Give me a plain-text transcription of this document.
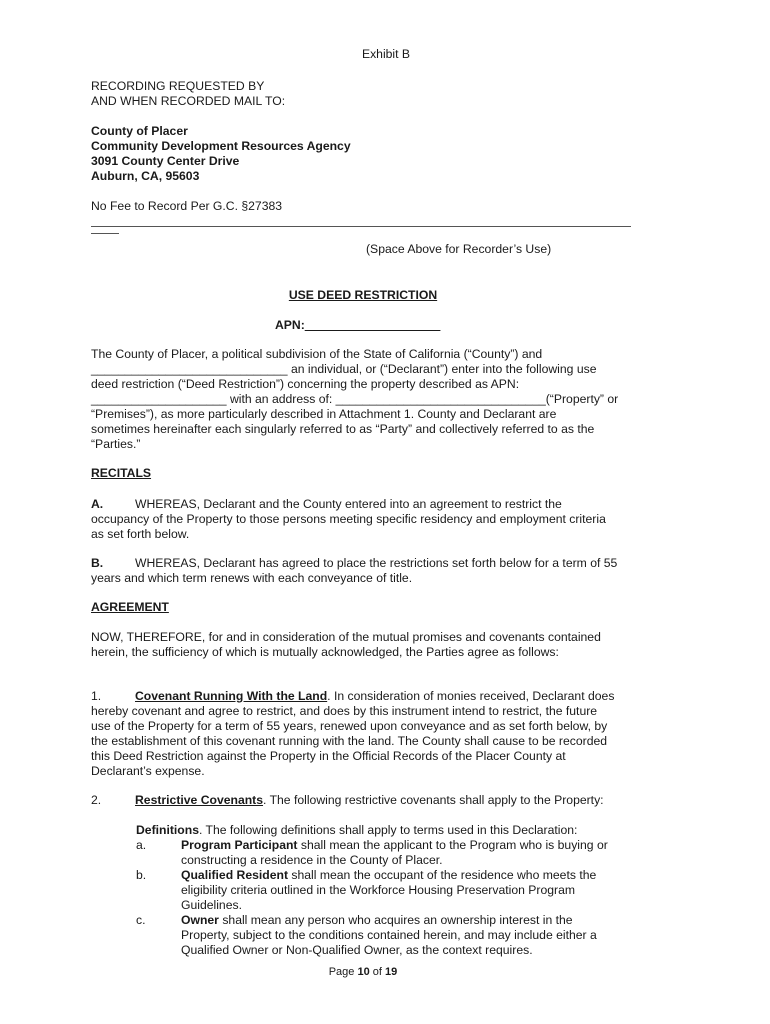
Exhibit B
RECORDING REQUESTED BY
AND WHEN RECORDED MAIL TO:
County of Placer
Community Development Resources Agency
3091 County Center Drive
Auburn, CA, 95603
No Fee to Record Per G.C. §27383
(Space Above for Recorder’s Use)
USE DEED RESTRICTION
APN:____________________
The County of Placer, a political subdivision of the State of California (“County”) and
_____________________________ an individual, or (“Declarant”) enter into the following use
deed restriction (“Deed Restriction”) concerning the property described as APN:
____________________ with an address of: _______________________________(“Property” or
“Premises”), as more particularly described in Attachment 1. County and Declarant are
sometimes hereinafter each singularly referred to as “Party” and collectively referred to as the
“Parties.”
RECITALS
A.	WHEREAS, Declarant and the County entered into an agreement to restrict the
occupancy of the Property to those persons meeting specific residency and employment criteria
as set forth below.
B.	WHEREAS, Declarant has agreed to place the restrictions set forth below for a term of 55
years and which term renews with each conveyance of title.
AGREEMENT
NOW, THEREFORE, for and in consideration of the mutual promises and covenants contained
herein, the sufficiency of which is mutually acknowledged, the Parties agree as follows:
1.	Covenant Running With the Land. In consideration of monies received, Declarant does
hereby covenant and agree to restrict, and does by this instrument intend to restrict, the future
use of the Property for a term of 55 years, renewed upon conveyance and as set forth below, by
the establishment of this covenant running with the land. The County shall cause to be recorded
this Deed Restriction against the Property in the Official Records of the Placer County at
Declarant’s expense.
2.	Restrictive Covenants. The following restrictive covenants shall apply to the Property:
Definitions. The following definitions shall apply to terms used in this Declaration:
a.	Program Participant shall mean the applicant to the Program who is buying or
constructing a residence in the County of Placer.
b.	Qualified Resident shall mean the occupant of the residence who meets the
eligibility criteria outlined in the Workforce Housing Preservation Program
Guidelines.
c.	Owner shall mean any person who acquires an ownership interest in the
Property, subject to the conditions contained herein, and may include either a
Qualified Owner or Non-Qualified Owner, as the context requires.
Page 10 of 19
